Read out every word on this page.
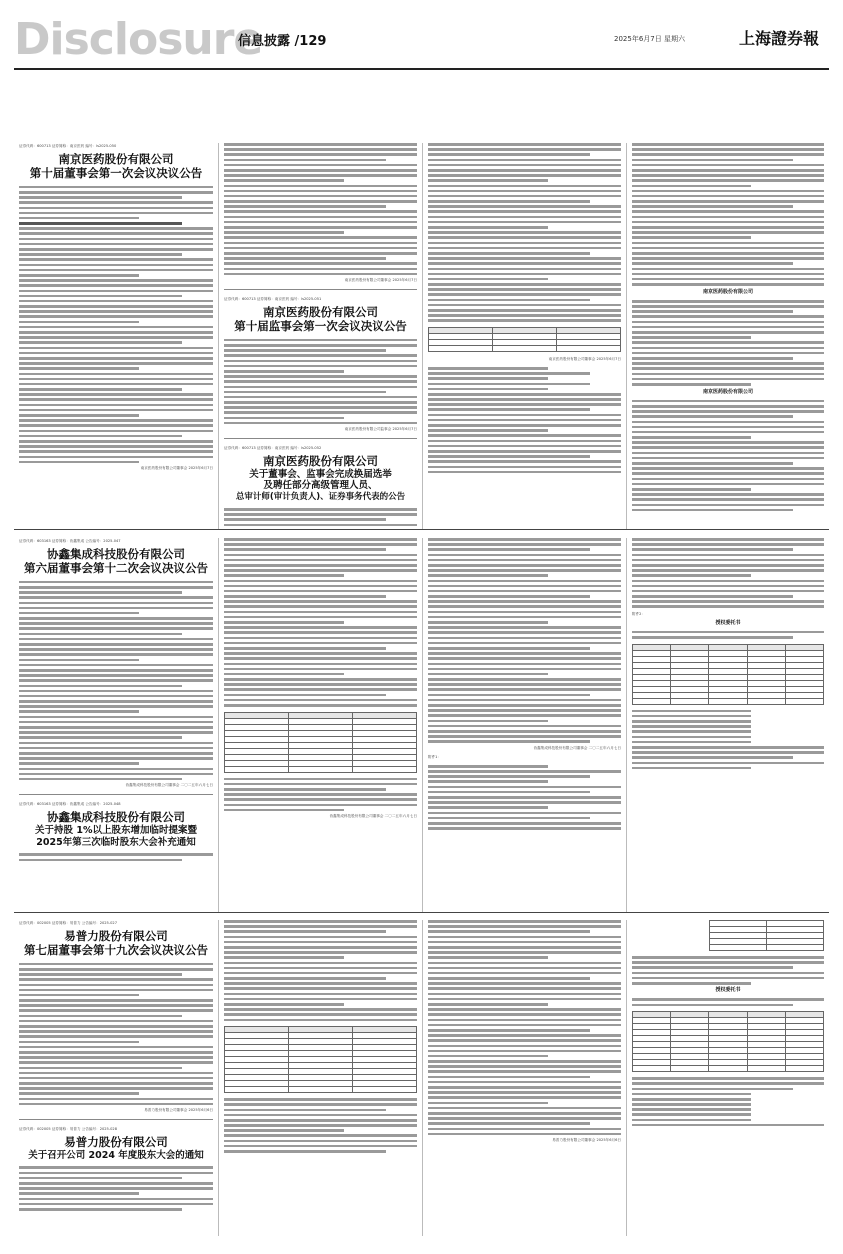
Disclosure
信息披露 /129	2025年6月7日 星期六	上海證券報
证券代码：600713 证券简称：南京医药 编号：ls2025-050
南京医药股份有限公司
第十届董事会第一次会议决议公告
南京医药股份有限公司董事会 2025年6月7日
南京医药股份有限公司董事会 2025年6月7日
证券代码：600713 证券简称：南京医药 编号：ls2025-051
南京医药股份有限公司
第十届监事会第一次会议决议公告
南京医药股份有限公司监事会 2025年6月7日
证券代码：600713 证券简称：南京医药 编号：ls2025-052
南京医药股份有限公司
关于董事会、监事会完成换届选举
及聘任部分高级管理人员、
总审计师(审计负责人)、证券事务代表的公告

南京医药股份有限公司董事会 2025年6月7日
南京医药股份有限公司
南京医药股份有限公司
证券代码：603163 证券简称：协鑫集成 公告编号：2025-047
协鑫集成科技股份有限公司
第六届董事会第十二次会议决议公告
协鑫集成科技股份有限公司董事会 二〇二五年六月七日
证券代码：603163 证券简称：协鑫集成 公告编号：2025-048
协鑫集成科技股份有限公司
关于持股 1%以上股东增加临时提案暨
2025年第三次临时股东大会补充通知

协鑫集成科技股份有限公司董事会 二〇二五年六月七日
协鑫集成科技股份有限公司董事会 二〇二五年六月七日
附件1：
附件2：
授权委托书

证券代码：002005 证券简称：易普力 公告编号：2025-027
易普力股份有限公司
第七届董事会第十九次会议决议公告
易普力股份有限公司董事会 2025年6月6日
证券代码：002005 证券简称：易普力 公告编号：2025-028
易普力股份有限公司
关于召开公司 2024 年度股东大会的通知

易普力股份有限公司董事会 2025年6月6日

授权委托书
